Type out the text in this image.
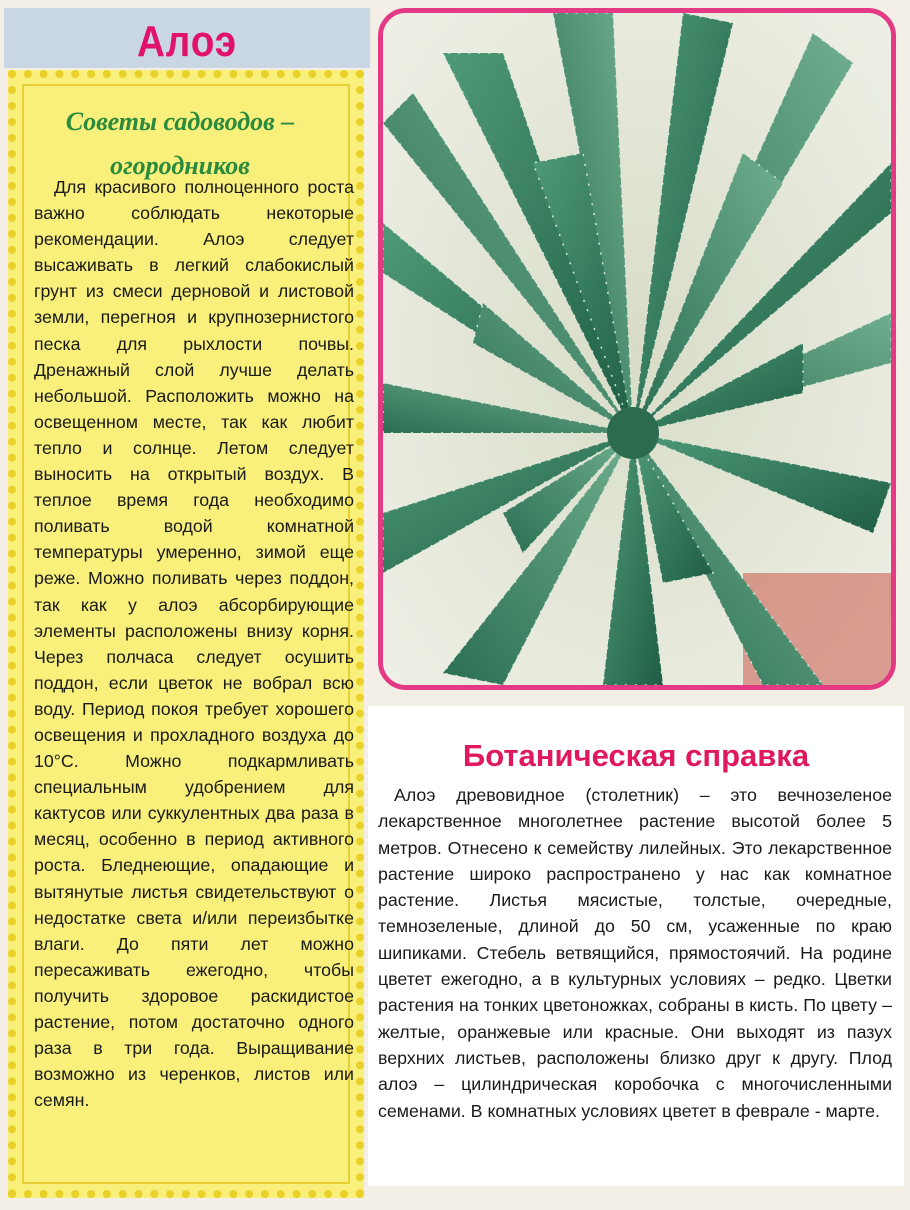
Алоэ
Советы садоводов – огородников
Для красивого полноценного роста важно соблюдать некоторые рекомендации. Алоэ следует высаживать в легкий слабокислый грунт из смеси дерновой и листовой земли, перегноя и крупнозернистого песка для рыхлости почвы. Дренажный слой лучше делать небольшой. Расположить можно на освещенном месте, так как любит тепло и солнце. Летом следует выносить на открытый воздух. В теплое время года необходимо поливать водой комнатной температуры умеренно, зимой еще реже. Можно поливать через поддон, так как у алоэ абсорбирующие элементы расположены внизу корня. Через полчаса следует осушить поддон, если цветок не вобрал всю воду. Период покоя требует хорошего освещения и прохладного воздуха до 10°С. Можно подкармливать специальным удобрением для кактусов или суккулентных два раза в месяц, особенно в период активного роста. Бледнеющие, опадающие и вытянутые листья свидетельствуют о недостатке света и/или переизбытке влаги. До пяти лет можно пересаживать ежегодно, чтобы получить здоровое раскидистое растение, потом достаточно одного раза в три года. Выращивание возможно из черенков, листов или семян.
Ботаническая справка
Алоэ древовидное (столетник) – это вечнозеленое лекарственное многолетнее растение высотой более 5 метров. Отнесено к семейству лилейных. Это лекарственное растение широко распространено у нас как комнатное растение. Листья мясистые, толстые, очередные, темнозеленые, длиной до 50 см, усаженные по краю шипиками. Стебель ветвящийся, прямостоячий. На родине цветет ежегодно, а в культурных условиях – редко. Цветки растения на тонких цветоножках, собраны в кисть. По цвету – желтые, оранжевые или красные. Они выходят из пазух верхних листьев, расположены близко друг к другу. Плод алоэ – цилиндрическая коробочка с многочисленными семенами. В комнатных условиях цветет в феврале - марте.
